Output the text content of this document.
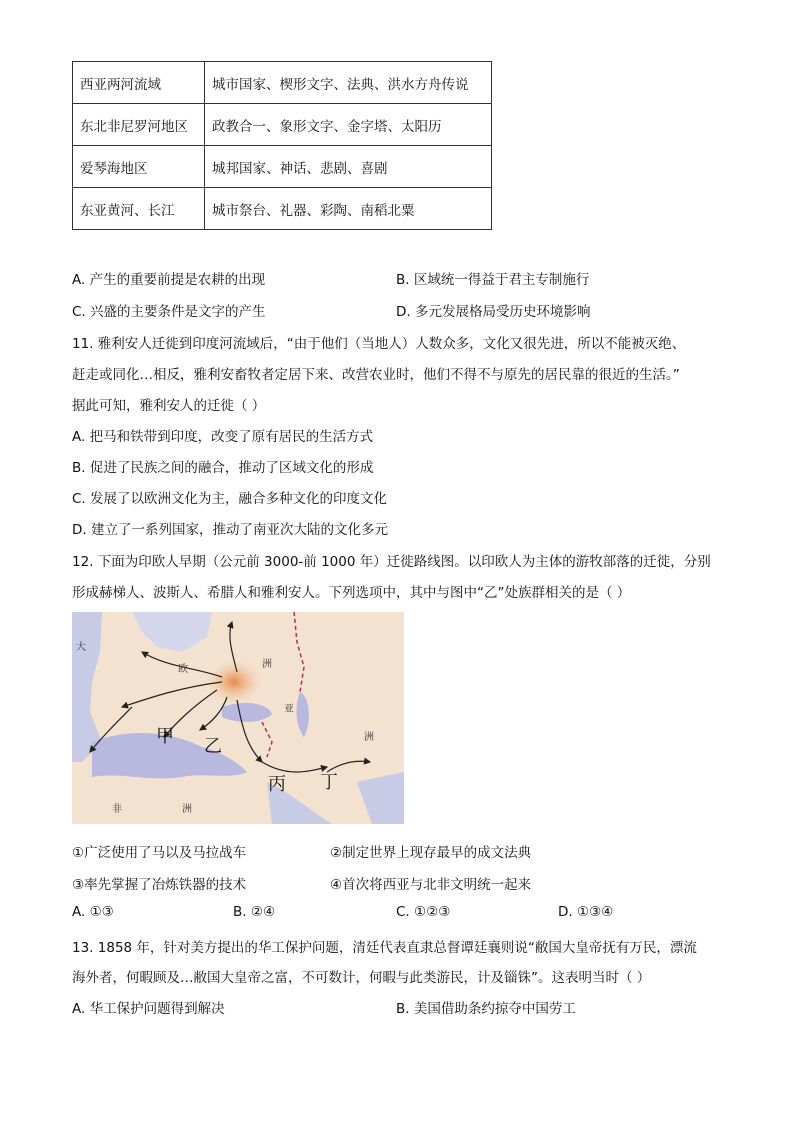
西亚两河流域	城市国家、楔形文字、法典、洪水方舟传说
东北非尼罗河地区	政教合一、象形文字、金字塔、太阳历
爱琴海地区	城邦国家、神话、悲剧、喜剧
东亚黄河、长江	城市祭台、礼器、彩陶、南稻北粟
A. 产生的重要前提是农耕的出现	B. 区域统一得益于君主专制施行
C. 兴盛的主要条件是文字的产生	D. 多元发展格局受历史环境影响
11. 雅利安人迁徙到印度河流域后，“由于他们（当地人）人数众多，文化又很先进，所以不能被灭绝、
赶走或同化…相反，雅利安畜牧者定居下来、改营农业时，他们不得不与原先的居民靠的很近的生活。”
据此可知，雅利安人的迁徙（ ）
A. 把马和铁带到印度，改变了原有居民的生活方式
B. 促进了民族之间的融合，推动了区域文化的形成
C. 发展了以欧洲文化为主，融合多种文化的印度文化
D. 建立了一系列国家，推动了南亚次大陆的文化多元
12. 下面为印欧人早期（公元前 3000-前 1000 年）迁徙路线图。以印欧人为主体的游牧部落的迁徙，分别
形成赫梯人、波斯人、希腊人和雅利安人。下列选项中，其中与图中“乙”处族群相关的是（ ）
大
欧	洲
亚
洲
非	洲
甲 乙
丙 丁
①广泛使用了马以及马拉战车	②制定世界上现存最早的成文法典
③率先掌握了冶炼铁器的技术	④首次将西亚与北非文明统一起来
A. ①③	B. ②④	C. ①②③	D. ①③④
13. 1858 年，针对美方提出的华工保护问题，清廷代表直隶总督谭廷襄则说“敝国大皇帝抚有万民，漂流
海外者，何暇顾及…敝国大皇帝之富，不可数计，何暇与此类游民，计及锱铢”。这表明当时（ ）
A. 华工保护问题得到解决	B. 美国借助条约掠夺中国劳工
